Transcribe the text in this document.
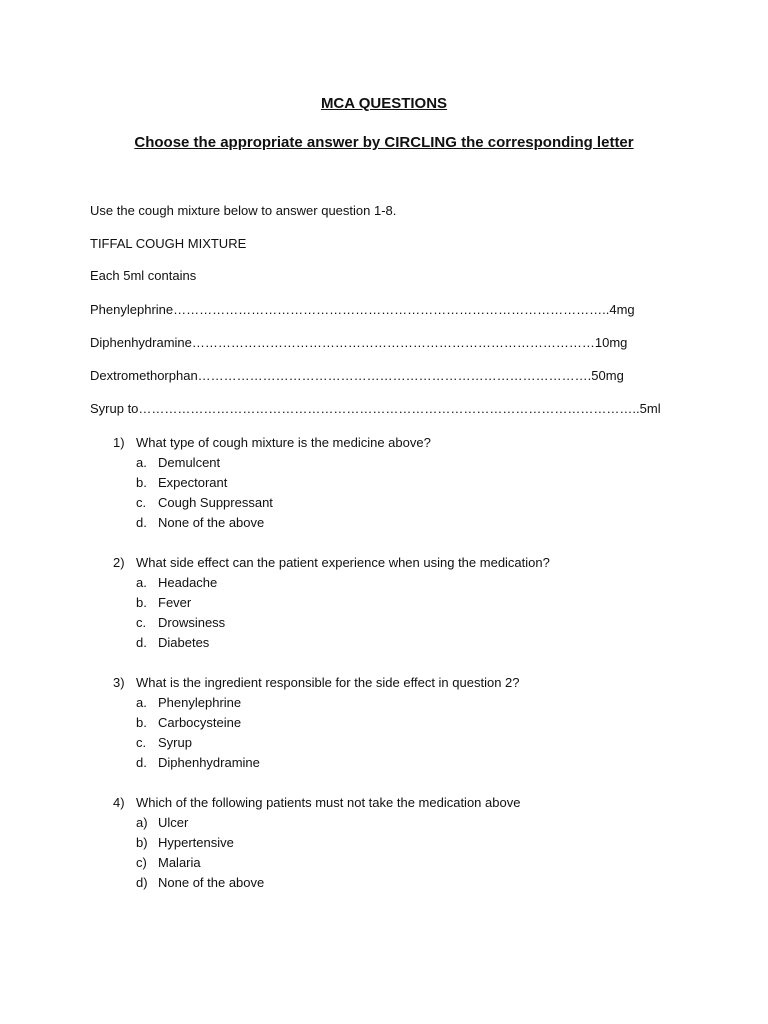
MCA QUESTIONS
Choose the appropriate answer by CIRCLING the corresponding letter
Use the cough mixture below to answer question 1-8.
TIFFAL COUGH MIXTURE
Each 5ml contains
Phenylephrine………………………………………………………………………………………..4mg
Diphenhydramine…………………………………………………………………………………10mg
Dextromethorphan……………………………………………………………………………….50mg
Syrup to……………………………………………………………………………………………………..5ml
1) What type of cough mixture is the medicine above?
a. Demulcent
b. Expectorant
c. Cough Suppressant
d. None of the above
2) What side effect can the patient experience when using the medication?
a. Headache
b. Fever
c. Drowsiness
d. Diabetes
3) What is the ingredient responsible for the side effect in question 2?
a. Phenylephrine
b. Carbocysteine
c. Syrup
d. Diphenhydramine
4) Which of the following patients must not take the medication above
a) Ulcer
b) Hypertensive
c) Malaria
d) None of the above
